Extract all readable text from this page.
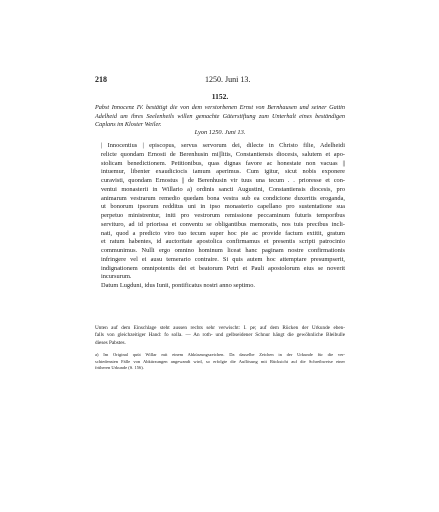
218	1250. Juni 13.
1152.
Pabst Innocenz IV. bestätigt die von dem verstorbenen Ernst von Bernhausen und seiner Gattin Adelheid um ihres Seelenheils willen gemachte Güterstiftung zum Unterhalt eines beständigen Caplans im Kloster Weiler.
Lyon 1250. Juni 13.

| Innocentius | episcopus, servus servorum dei, dilecte in Christo filie, Adelheidi
relicte quondam Ernosti de Berenhusin mi||litis, Constantiensis diocesis, salutem et apo-
stolicam benedictionem. Petitionibus, quas dignas favore ac honestate non vacuas ||
intuemur, libenter exaudiciocis iamum aperimus. Cum igitur, sicut nobis exponere
curavisti, quondam Ernostus || de Berenhusin vir tuus una tecum . . prioresse et con-
ventui monasterii in Willario a) ordinis sancti Augustini, Constantiensis diocesis, pro
animarum vestrarum remedio quedam bona vestra sub ea condicione duxeritis eroganda,
ut bonorum ipsorum redditus uni in ipso monasterio capellano pro sustentatione sua
perpetuo ministrentur, initi pro vestrorum remissione peccaminum futuris temporibus
serviturо, ad id priorissa et conventu se obligantibus memoratis, nos tuis precibus incli-
nati, quod a predicto viro tuo tecum super hoc pie ac provide factum extitit, gratum
et ratum habentes, id auctoritate apostolica confirmamus et presentis scripti patrocinio
communimus. Nulli ergo omnino hominum liceat hanc paginam nostre confirmationis
infringere vel ei ausu temerario contraire. Si quis autem hoc attemptare presumpserit,
indignationem omnipotentis dei et beatorum Petri et Pauli apostolorum eius se noverit
incursurum.

Datum Lugduni, idus Iunii, pontificatus nostri anno septimo.

Unten auf dem Einschlage steht aussen rechts sehr verwischt: I. pe; auf dem Rücken der Urkunde eben-
falls von gleichzeitiger Hand: fo solla. — An roth- und gelbseidener Schnur hängt die gewöhnliche Bleibulle
dieses Pabstes.
a) Im Original quüt Willar mit einem Abkürzungszeichen. Da dasselbe Zeichen in der Urkunde für die ver-
schiedensten Fälle von Abkürzungen angewandt wird, so erfolgte die Auflösung mit Rücksicht auf die Schreibweise einer
früheren Urkunde (S. 156).
